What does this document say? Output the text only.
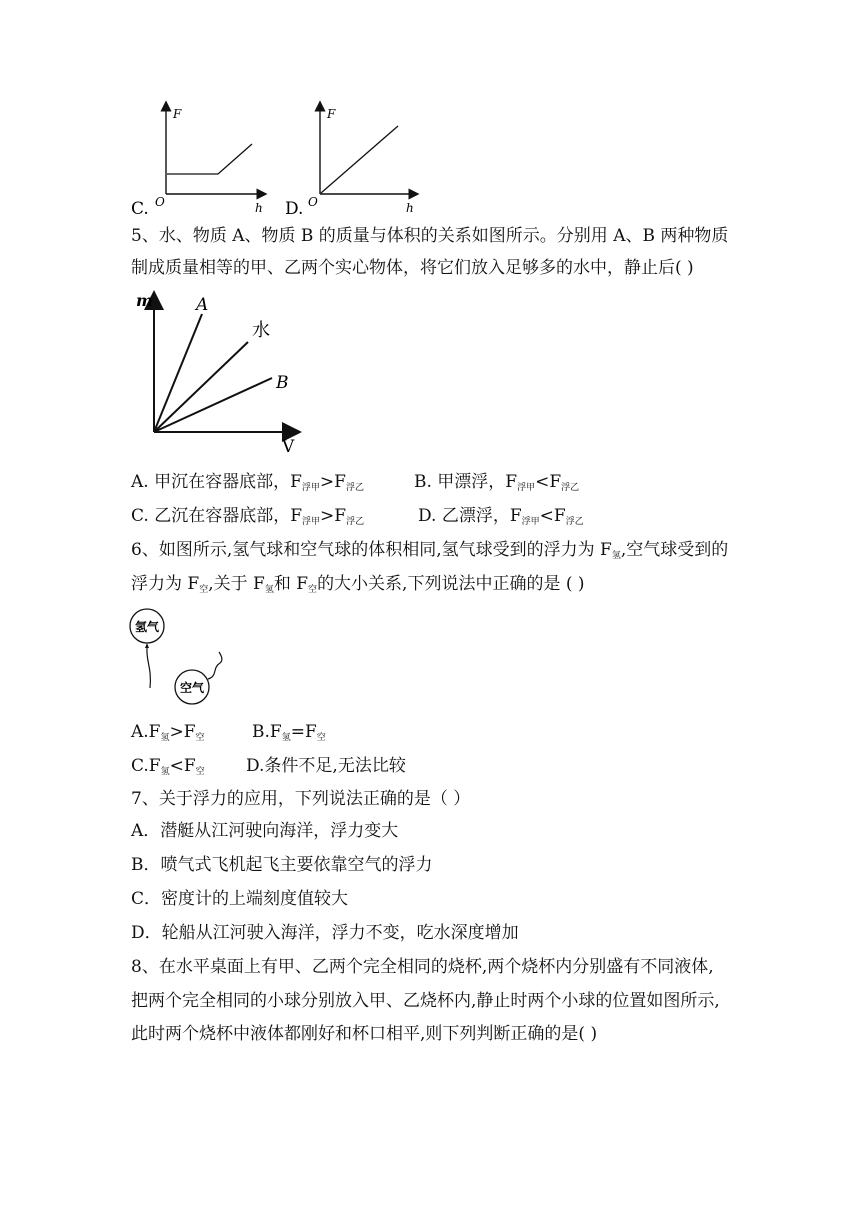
C.
F
h
O	D.
F
h
O
5、水、物质 A、物质 B 的质量与体积的关系如图所示。分别用 A、B 两种物质
制成质量相等的甲、乙两个实心物体，将它们放入足够多的水中，静止后( )
m
V
A
水
B
A. 甲沉在容器底部，$F_{浮甲}>F_{浮乙}$	B. 甲漂浮，$F_{浮甲}<F_{浮乙}$
C. 乙沉在容器底部，$F_{浮甲}>F_{浮乙}$	D. 乙漂浮，$F_{浮甲}<F_{浮乙}$
6、如图所示,氢气球和空气球的体积相同,氢气球受到的浮力为 $F_氢$,空气球受到的
浮力为 $F_空$,关于 $F_氢$和 $F_空$的大小关系,下列说法中正确的是 ( )
氢气
空气
$A.F_氢>F_空$	$B.F_氢=F_空$
$C.F_氢<F_空$ D.条件不足,无法比较
7、关于浮力的应用，下列说法正确的是（ ）
A．潜艇从江河驶向海洋，浮力变大
B．喷气式飞机起飞主要依靠空气的浮力
C．密度计的上端刻度值较大
D．轮船从江河驶入海洋，浮力不变，吃水深度增加
8、在水平桌面上有甲、乙两个完全相同的烧杯,两个烧杯内分别盛有不同液体,
把两个完全相同的小球分别放入甲、乙烧杯内,静止时两个小球的位置如图所示,
此时两个烧杯中液体都刚好和杯口相平,则下列判断正确的是( )
